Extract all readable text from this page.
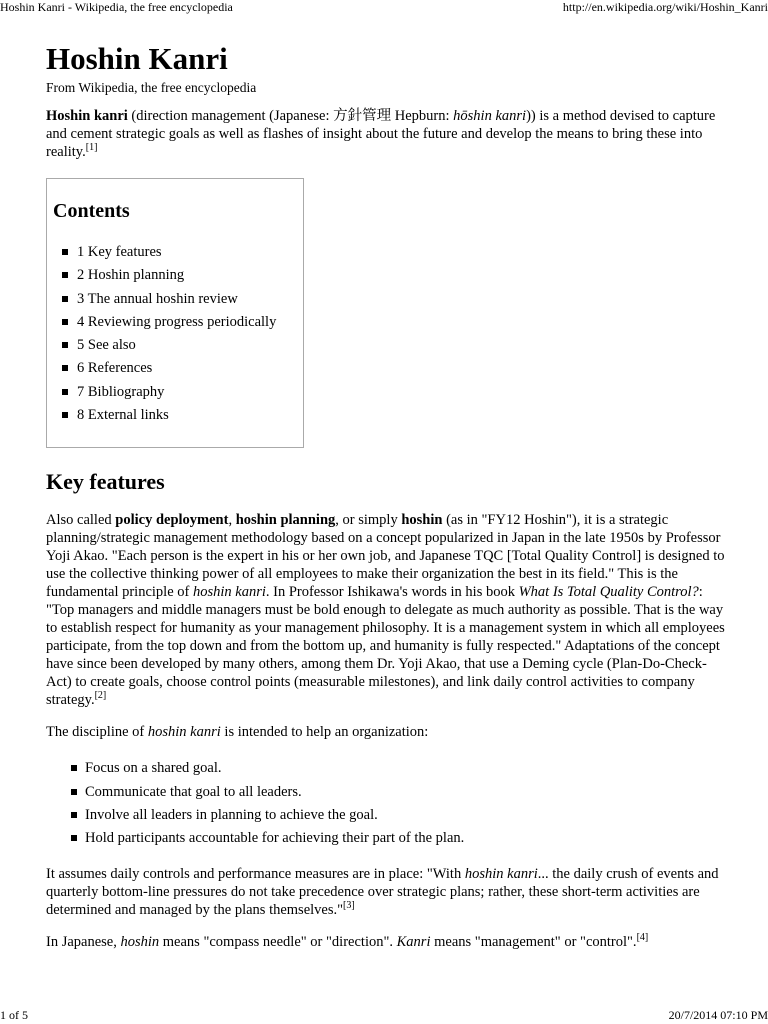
Hoshin Kanri - Wikipedia, the free encyclopedia	http://en.wikipedia.org/wiki/Hoshin_Kanri
Hoshin Kanri
From Wikipedia, the free encyclopedia

Hoshin kanri (direction management (Japanese: 方針管理 Hepburn: hōshin kanri)) is a method devised to capture and cement strategic goals as well as flashes of insight about the future and develop the means to bring these into reality.[1]

Contents
1 Key features
2 Hoshin planning
3 The annual hoshin review
4 Reviewing progress periodically
5 See also
6 References
7 Bibliography
8 External links
Key features

Also called policy deployment, hoshin planning, or simply hoshin (as in "FY12 Hoshin"), it is a strategic planning/strategic management methodology based on a concept popularized in Japan in the late 1950s by Professor Yoji Akao. "Each person is the expert in his or her own job, and Japanese TQC [Total Quality Control] is designed to use the collective thinking power of all employees to make their organization the best in its field." This is the fundamental principle of hoshin kanri. In Professor Ishikawa's words in his book What Is Total Quality Control?: "Top managers and middle managers must be bold enough to delegate as much authority as possible. That is the way to establish respect for humanity as your management philosophy. It is a management system in which all employees participate, from the top down and from the bottom up, and humanity is fully respected." Adaptations of the concept have since been developed by many others, among them Dr. Yoji Akao, that use a Deming cycle (Plan-Do-Check-Act) to create goals, choose control points (measurable milestones), and link daily control activities to company strategy.[2]

The discipline of hoshin kanri is intended to help an organization:

Focus on a shared goal.
Communicate that goal to all leaders.
Involve all leaders in planning to achieve the goal.
Hold participants accountable for achieving their part of the plan.

It assumes daily controls and performance measures are in place: "With hoshin kanri... the daily crush of events and quarterly bottom-line pressures do not take precedence over strategic plans; rather, these short-term activities are determined and managed by the plans themselves."[3]

In Japanese, hoshin means "compass needle" or "direction". Kanri means "management" or "control".[4]

1 of 5	20/7/2014 07:10 PM
